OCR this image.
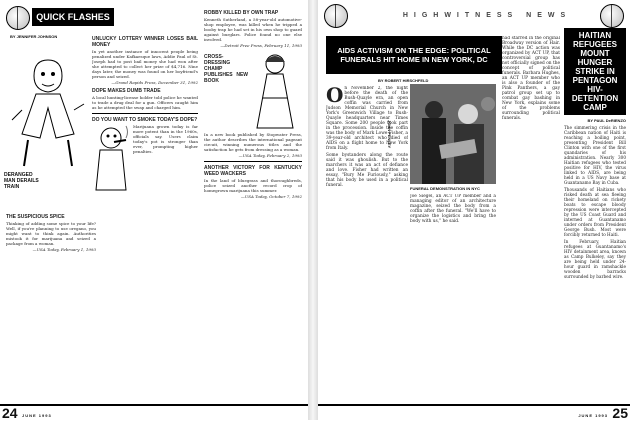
QUICK FLASHES
BY JENNIFER JOHNSON
DERANGED MAN DERAILS TRAIN
THE SUSPICIOUS SPICE
Thinking of adding some spice to your life? Well, if you're planning to use oregano, you might want to think again. Authorities mistook it for marijuana and seized a package from a woman.
—USA Today, February 1, 1993
UNLUCKY LOTTERY WINNER LOSES BAIL MONEY
In yet another instance of innocent people being penalized under Kafkaesque laws, Addie Paul of St. Joseph had to post bail money she had won after she attempted to collect her prize of $4,716. Nine days later, the money was found on her boyfriend's person and seized.
—Grand Rapids Press, December 31, 1992
DOPE MAKES DUMB TRADE
A local hunting-license holder told police he wanted to trade a drug deal for a gun. Officers caught him as he attempted the swap and charged him.
DO YOU WANT TO SMOKE TODAY'S DOPE?
Marijuana grown today is far more potent than in the 1960s, officials say. Users claim today's pot is stronger than ever, prompting higher penalties.
ROBBY KILLED BY OWN TRAP
Kenneth Sutherland, a 58-year-old automotive-shop employee, was killed when he tripped a booby trap he had set in his own shop to guard against burglars. Police found no one else involved.
—Detroit Free Press, February 11, 1993
CROSS-DRESSING CHAMP PUBLISHES NEW BOOK
In a new book published by Stopwater Press, the author describes the international pageant circuit, winning numerous titles and the satisfaction he gets from dressing as a woman.
—USA Today, February 2, 1993
ANOTHER VICTORY FOR KENTUCKY WEED WACKERS
In the land of bluegrass and thoroughbreds, police seized another record crop of homegrown marijuana this summer.
—USA Today, October 7, 1992
24 JUNE 1993
HIGHWITNESS NEWS
AIDS ACTIVISM ON THE EDGE: POLITICAL FUNERALS HIT HOME IN NEW YORK, DC
BY ROBERT HIRSCHFELD
O n November 2, the night before the death of the Bush-Quayle era, an open coffin was carried from Judson Memorial Church in New York's Greenwich Village to Bush-Quayle headquarters near Times Square. Some 200 people took part in the procession. Inside the coffin was the body of Mark Lowe Fisher, a 39-year-old architect who died of AIDS on a flight home to New York from Italy.

Some bystanders along the route said it was ghoulish. But to the marchers it was an act of defiance and love. Fisher had written an essay, "Bury Me Furiously," asking that his body be used in a political funeral.

JOHN PENLEY
FUNERAL DEMONSTRATION IN NYC
Joe Siegel, an ACT UP member and a managing editor of an architecture magazine, seized the body from a coffin after the funeral. "We'll have to organize the logistics and bring the body with us," he said.
had starred in the original Broadway version of Hair. While the DC action was organized by ACT UP, that controversial group has not officially signed on the concept of political funerals. Barbara Hughes, an ACT UP member who is also a founder of the Pink Panthers, a gay patrol group set up to combat gay bashing in New York, explains some of the problems surrounding political funerals.
HAITIAN REFUGEES MOUNT HUNGER STRIKE IN PENTAGON HIV-DETENTION CAMP
BY PAUL DeRIENZO

The simmering crisis in the Caribbean nation of Haiti is reaching a boiling point, presenting President Bill Clinton with one of the first quandaries of his administration. Nearly 300 Haitian refugees who tested positive for HIV, the virus linked to AIDS, are being held in a US Navy base at Guantanamo Bay in Cuba.

Thousands of Haitians who risked death at sea fleeing their homeland on rickety boats to escape bloody repression were intercepted by the US Coast Guard and interned at Guantanamo under orders from President George Bush. Most were forcibly returned to Haiti.

In February, Haitian refugees at Guantanamo's HIV detainment area, known as Camp Bulkeley, say they are being held under 24-hour guard in ramshackle wooden barracks surrounded by barbed wire.

JUNE 1993 25
